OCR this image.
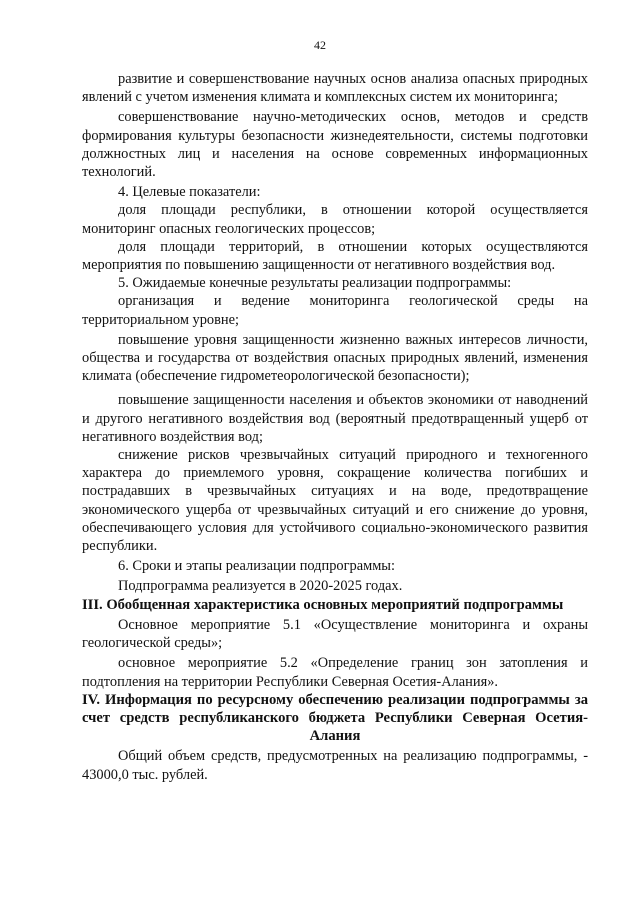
42

развитие и совершенствование научных основ анализа опасных природных явлений с учетом изменения климата и комплексных систем их мониторинга;

совершенствование научно-методических основ, методов и средств формирования культуры безопасности жизнедеятельности, системы подготовки должностных лиц и населения на основе современных информационных технологий.

4. Целевые показатели:

доля площади республики, в отношении которой осуществляется мониторинг опасных геологических процессов;

доля площади территорий, в отношении которых осуществляются мероприятия по повышению защищенности от негативного воздействия вод.

5. Ожидаемые конечные результаты реализации подпрограммы:

организация и ведение мониторинга геологической среды на территориальном уровне;

повышение уровня защищенности жизненно важных интересов личности, общества и государства от воздействия опасных природных явлений, изменения климата (обеспечение гидрометеорологической безопасности);

повышение защищенности населения и объектов экономики от наводнений и другого негативного воздействия вод (вероятный предотвращенный ущерб от негативного воздействия вод;

снижение рисков чрезвычайных ситуаций природного и техногенного характера до приемлемого уровня, сокращение количества погибших и пострадавших в чрезвычайных ситуациях и на воде, предотвращение экономического ущерба от чрезвычайных ситуаций и его снижение до уровня, обеспечивающего условия для устойчивого социально-экономического развития республики.

6. Сроки и этапы реализации подпрограммы:

Подпрограмма реализуется в 2020-2025 годах.

III. Обобщенная характеристика основных мероприятий подпрограммы

Основное мероприятие 5.1 «Осуществление мониторинга и охраны геологической среды»;

основное мероприятие 5.2 «Определение границ зон затопления и подтопления на территории Республики Северная Осетия-Алания».

IV. Информация по ресурсному обеспечению реализации подпрограммы за счет средств республиканского бюджета Республики Северная Осетия-Алания

Общий объем средств, предусмотренных на реализацию подпрограммы, - 43000,0 тыс. рублей.
